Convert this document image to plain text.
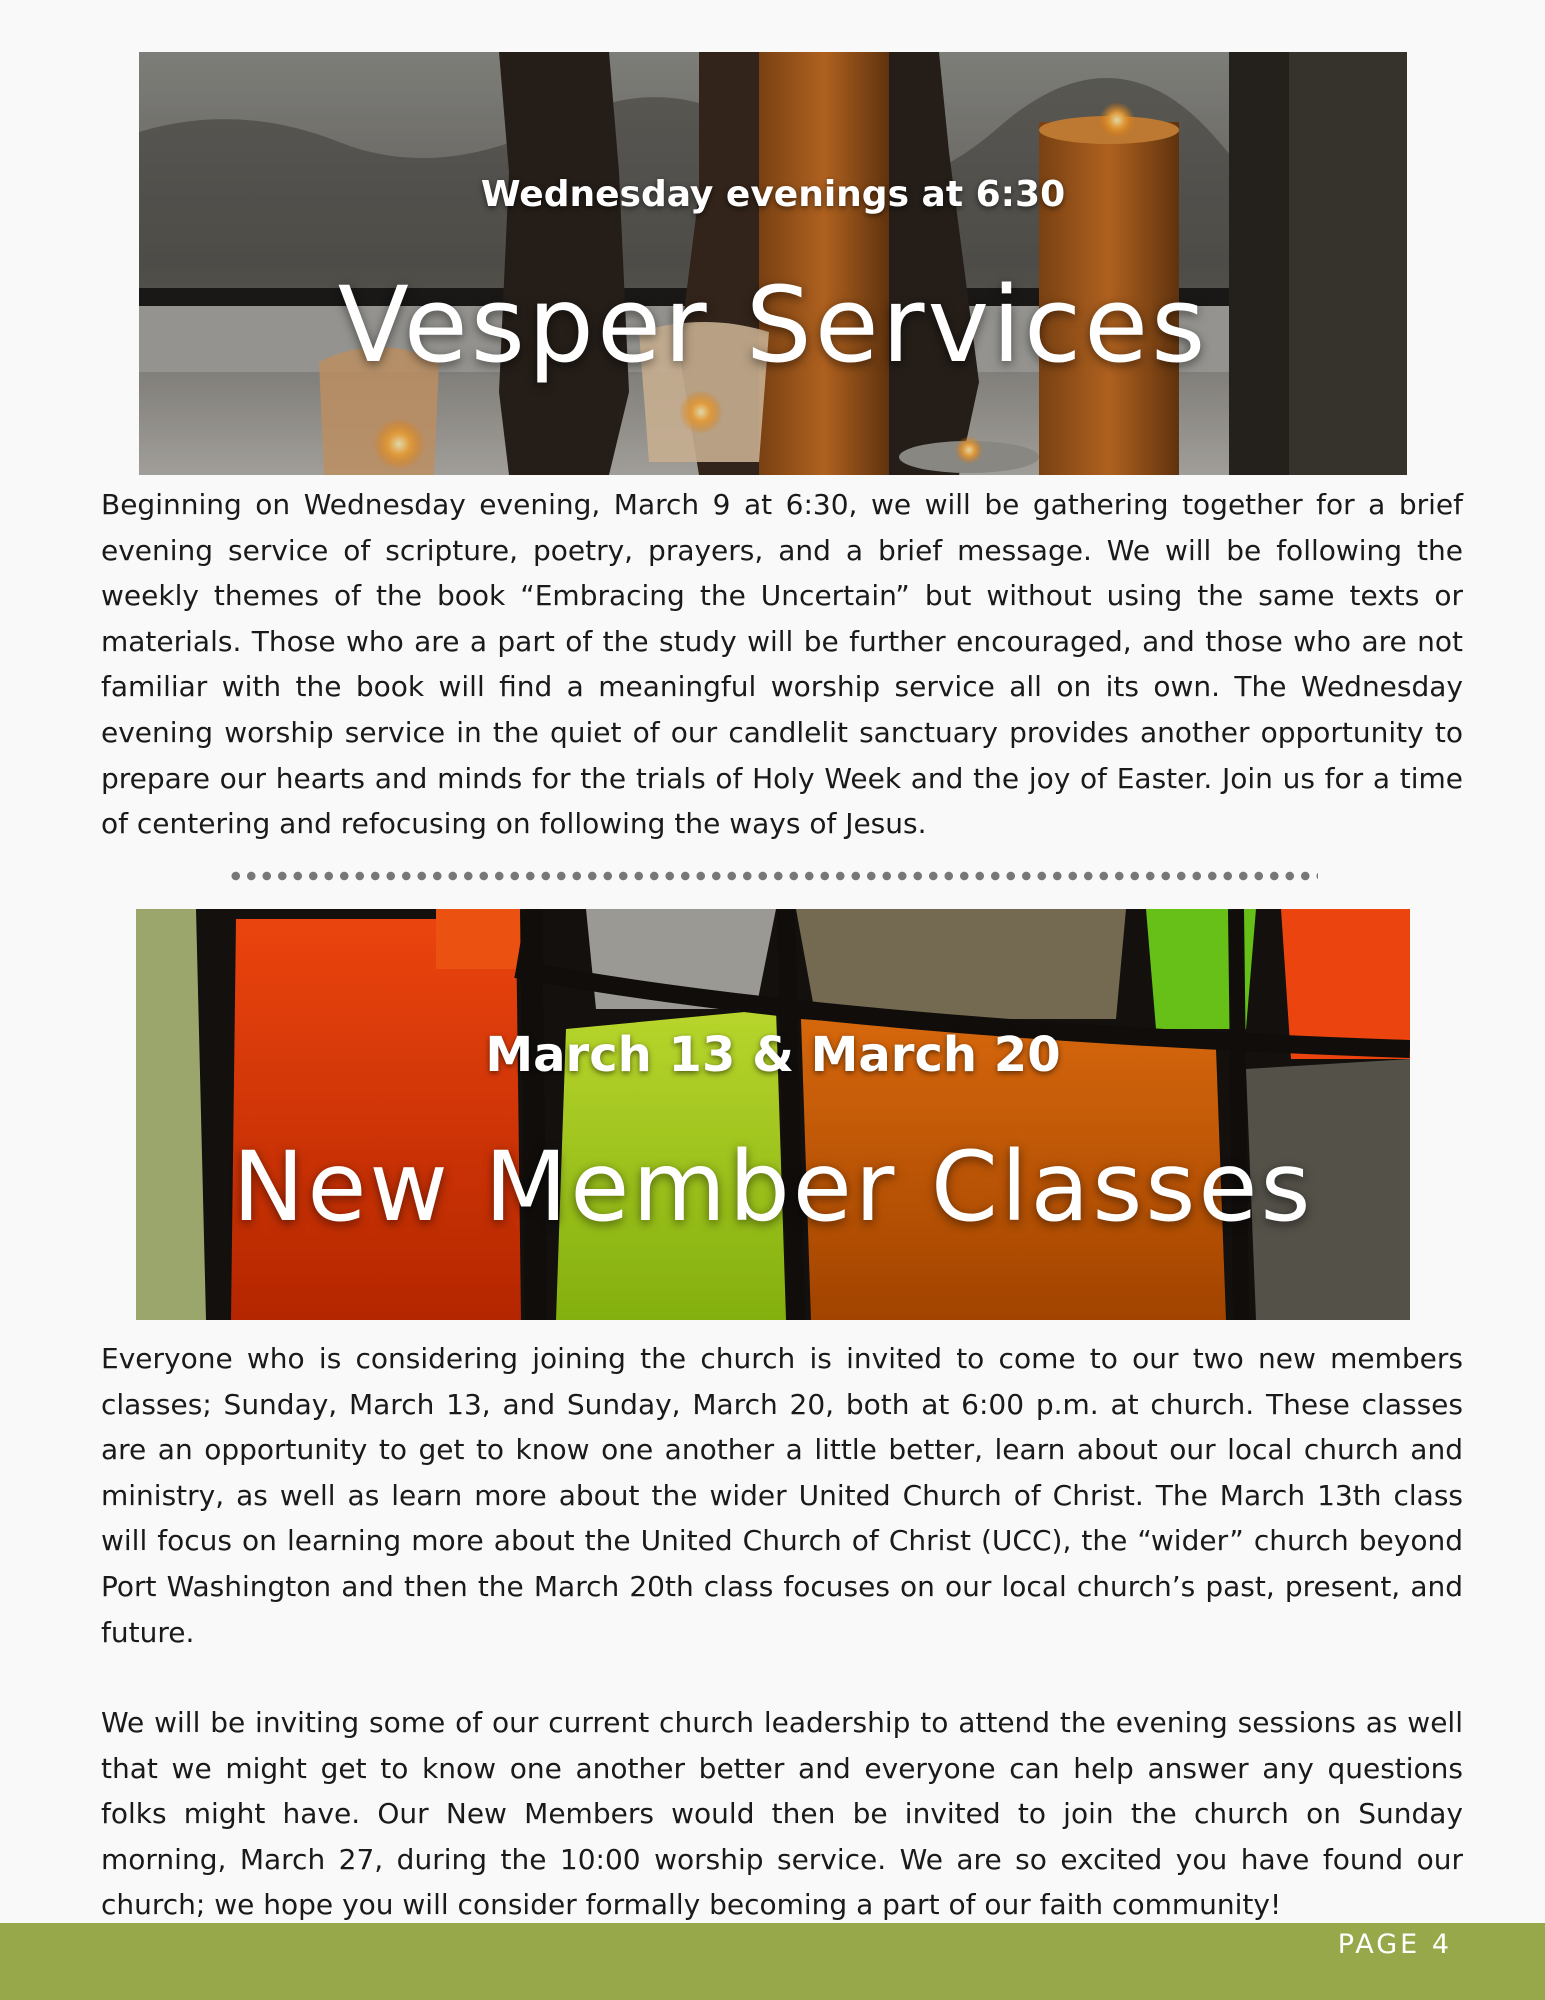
Wednesday evenings at 6:30
Vesper Services

Beginning on Wednesday evening, March 9 at 6:30, we will be gathering together for a brief evening service of scripture, poetry, prayers, and a brief message. We will be following the weekly themes of the book “Embracing the Uncertain” but without using the same texts or materials. Those who are a part of the study will be further encouraged, and those who are not familiar with the book will find a meaningful worship service all on its own. The Wednesday evening worship service in the quiet of our candlelit sanctuary provides another opportunity to prepare our hearts and minds for the trials of Holy Week and the joy of Easter. Join us for a time of centering and refocusing on following the ways of Jesus.

March 13 & March 20
New Member Classes

Everyone who is considering joining the church is invited to come to our two new members classes; Sunday, March 13, and Sunday, March 20, both at 6:00 p.m. at church. These classes are an opportunity to get to know one another a little better, learn about our local church and ministry, as well as learn more about the wider United Church of Christ. The March 13th class will focus on learning more about the United Church of Christ (UCC), the “wider” church beyond Port Washington and then the March 20th class focuses on our local church’s past, present, and future.

We will be inviting some of our current church leadership to attend the evening sessions as well that we might get to know one another better and everyone can help answer any questions folks might have. Our New Members would then be invited to join the church on Sunday morning, March 27, during the 10:00 worship service. We are so excited you have found our church; we hope you will consider formally becoming a part of our faith community!

PAGE 4
